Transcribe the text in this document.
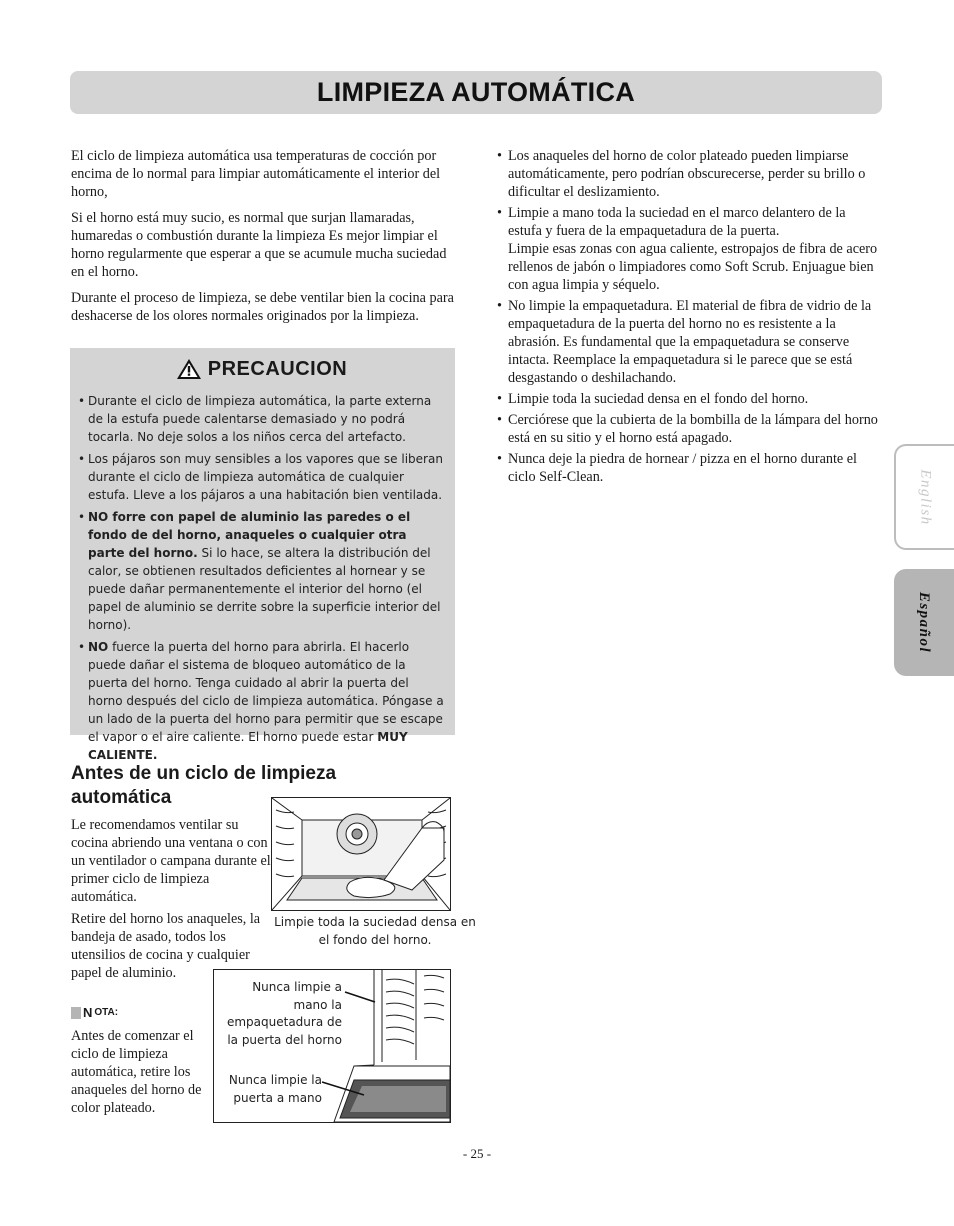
LIMPIEZA AUTOMÁTICA

El ciclo de limpieza automática usa temperaturas de cocción por encima de lo normal para limpiar automáticamente el interior del horno,

Si el horno está muy sucio, es normal que surjan llamaradas, humaredas o combustión durante la limpieza Es mejor limpiar el horno regularmente que esperar a que se acumule mucha suciedad en el horno.

Durante el proceso de limpieza, se debe ventilar bien la cocina para deshacerse de los olores normales originados por la limpieza.

PRECAUCION
• Durante el ciclo de limpieza automática, la parte externa de la estufa puede calentarse demasiado y no podrá tocarla. No deje solos a los niños cerca del artefacto.
• Los pájaros son muy sensibles a los vapores que se liberan durante el ciclo de limpieza automática de cualquier estufa. Lleve a los pájaros a una habitación bien ventilada.
• NO forre con papel de aluminio las paredes o el fondo de del horno, anaqueles o cualquier otra parte del horno. Si lo hace, se altera la distribución del calor, se obtienen resultados deficientes al hornear y se puede dañar permanentemente el interior del horno (el papel de aluminio se derrite sobre la superficie interior del horno).
• NO fuerce la puerta del horno para abrirla. El hacerlo puede dañar el sistema de bloqueo automático de la puerta del horno. Tenga cuidado al abrir la puerta del horno después del ciclo de limpieza automática. Póngase a un lado de la puerta del horno para permitir que se escape el vapor o el aire caliente. El horno puede estar MUY CALIENTE.
• Los anaqueles del horno de color plateado pueden limpiarse automáticamente, pero podrían obscurecerse, perder su brillo o dificultar el deslizamiento.
• Limpie a mano toda la suciedad en el marco delantero de la estufa y fuera de la empaquetadura de la puerta.
Limpie esas zonas con agua caliente, estropajos de fibra de acero rellenos de jabón o limpiadores como Soft Scrub. Enjuague bien con agua limpia y séquelo.
• No limpie la empaquetadura. El material de fibra de vidrio de la empaquetadura de la puerta del horno no es resistente a la abrasión. Es fundamental que la empaquetadura se conserve intacta. Reemplace la empaquetadura si le parece que se está desgastando o deshilachando.
• Limpie toda la suciedad densa en el fondo del horno.
• Cerciórese que la cubierta de la bombilla de la lámpara del horno está en su sitio y el horno está apagado.
• Nunca deje la piedra de hornear / pizza en el horno durante el ciclo Self-Clean.
Antes de un ciclo de limpieza automática

Le recomendamos ventilar su cocina abriendo una ventana o con un ventilador o campana durante el primer ciclo de limpieza automática.

Retire del horno los anaqueles, la bandeja de asado, todos los utensilios de cocina y cualquier papel de aluminio.

N OTA:

Antes de comenzar el ciclo de limpieza automática, retire los anaqueles del horno de color plateado.

Limpie toda la suciedad densa en el fondo del horno.
Nunca limpie a mano la empaquetadura de la puerta del horno
Nunca limpie la puerta a mano
English
Español
- 25 -
